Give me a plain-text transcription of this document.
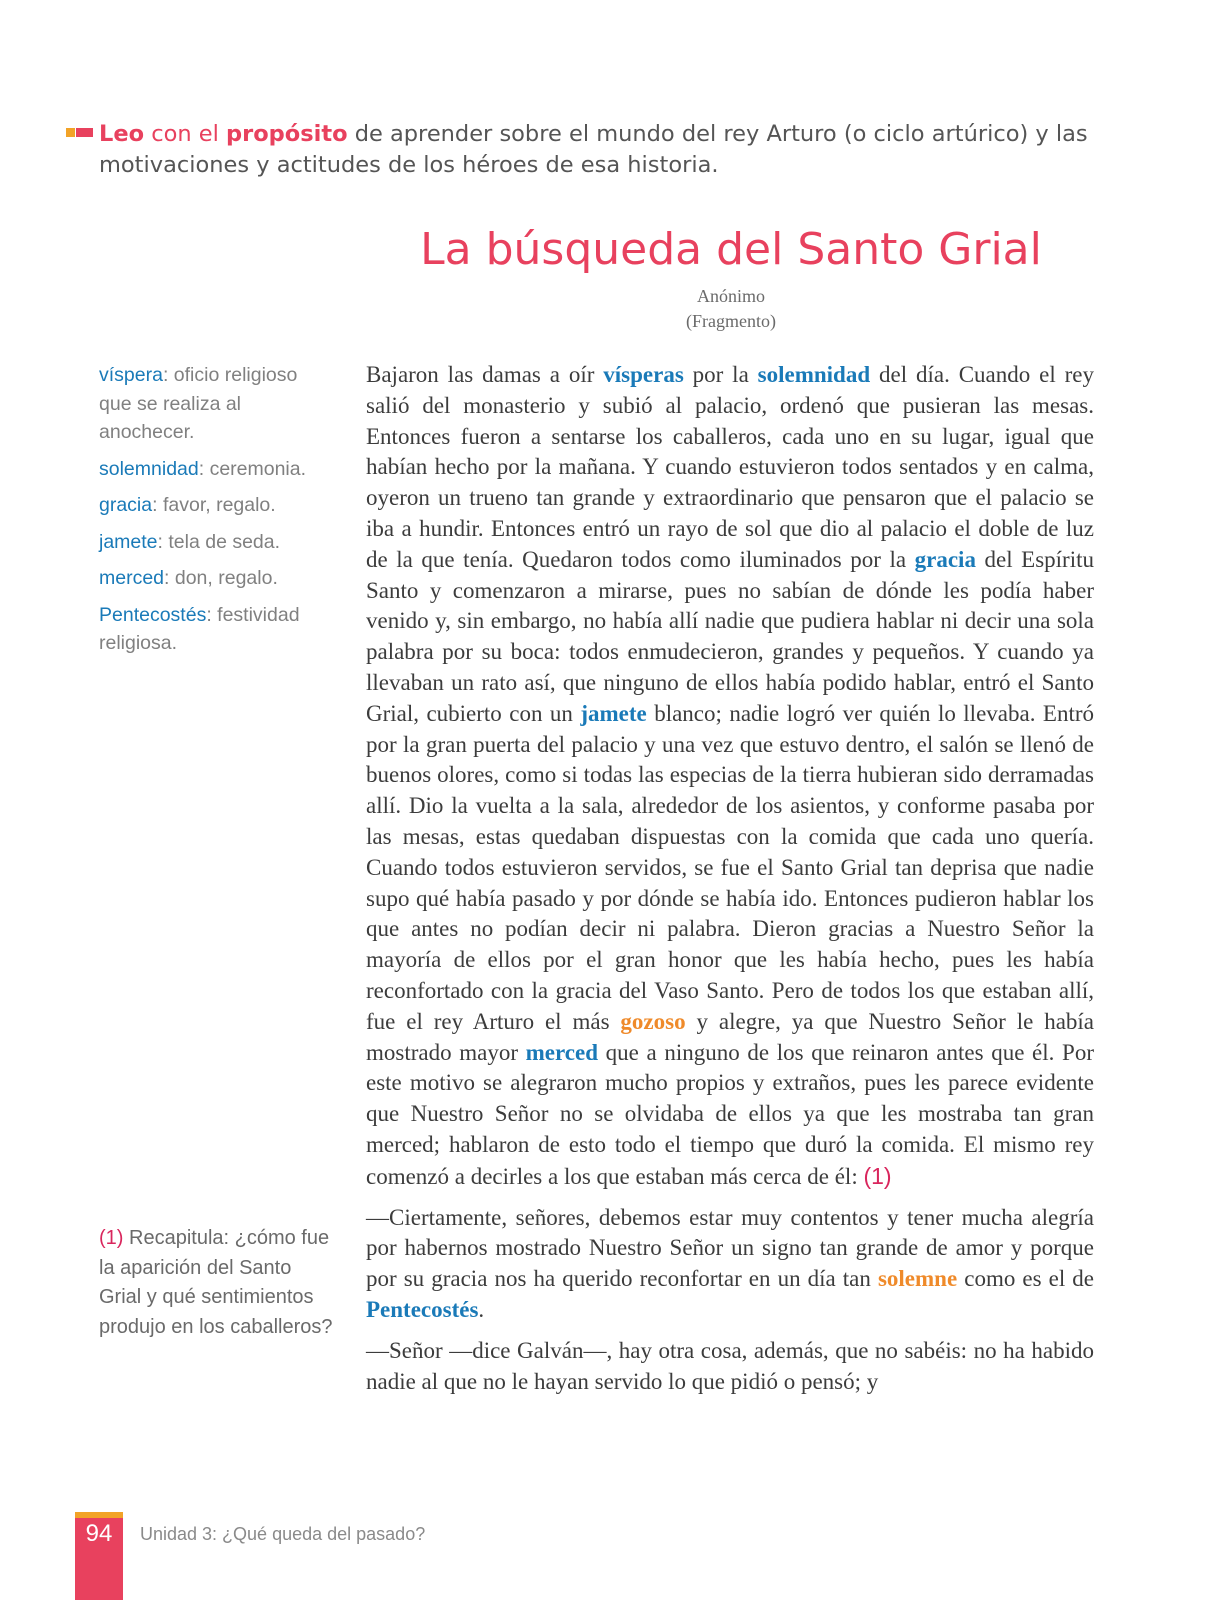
Leo con el propósito de aprender sobre el mundo del rey Arturo (o ciclo artúrico) y las motivaciones y actitudes de los héroes de esa historia.
La búsqueda del Santo Grial
Anónimo
(Fragmento)
víspera: oficio religioso que se realiza al anochecer.
solemnidad: ceremonia.
gracia: favor, regalo.
jamete: tela de seda.
merced: don, regalo.
Pentecostés: festividad religiosa.
(1) Recapitula: ¿cómo fue la aparición del Santo Grial y qué sentimientos produjo en los caballeros?

Bajaron las damas a oír vísperas por la solemnidad del día. Cuando el rey salió del monasterio y subió al palacio, ordenó que pusieran las mesas. Entonces fueron a sentarse los caballeros, cada uno en su lugar, igual que habían hecho por la mañana. Y cuando estuvieron todos sentados y en calma, oyeron un trueno tan grande y extraordinario que pensaron que el palacio se iba a hundir. Entonces entró un rayo de sol que dio al palacio el doble de luz de la que tenía. Quedaron todos como iluminados por la gracia del Espíritu Santo y comenzaron a mirarse, pues no sabían de dónde les podía haber venido y, sin embargo, no había allí nadie que pudiera hablar ni decir una sola palabra por su boca: todos enmudecieron, grandes y pequeños. Y cuando ya llevaban un rato así, que ninguno de ellos había podido hablar, entró el Santo Grial, cubierto con un jamete blanco; nadie logró ver quién lo llevaba. Entró por la gran puerta del palacio y una vez que estuvo dentro, el salón se llenó de buenos olores, como si todas las especias de la tierra hubieran sido derramadas allí. Dio la vuelta a la sala, alrededor de los asientos, y conforme pasaba por las mesas, estas quedaban dispuestas con la comida que cada uno quería. Cuando todos estuvieron servidos, se fue el Santo Grial tan deprisa que nadie supo qué había pasado y por dónde se había ido. Entonces pudieron hablar los que antes no podían decir ni palabra. Dieron gracias a Nuestro Señor la mayoría de ellos por el gran honor que les había hecho, pues les había reconfortado con la gracia del Vaso Santo. Pero de todos los que estaban allí, fue el rey Arturo el más gozoso y alegre, ya que Nuestro Señor le había mostrado mayor merced que a ninguno de los que reinaron antes que él. Por este motivo se alegraron mucho propios y extraños, pues les parece evidente que Nuestro Señor no se olvidaba de ellos ya que les mostraba tan gran merced; hablaron de esto todo el tiempo que duró la comida. El mismo rey comenzó a decirles a los que estaban más cerca de él: (1)

—Ciertamente, señores, debemos estar muy contentos y tener mucha alegría por habernos mostrado Nuestro Señor un signo tan grande de amor y porque por su gracia nos ha querido reconfortar en un día tan solemne como es el de Pentecostés.

—Señor —dice Galván—, hay otra cosa, además, que no sabéis: no ha habido nadie al que no le hayan servido lo que pidió o pensó; y

94	Unidad 3: ¿Qué queda del pasado?
